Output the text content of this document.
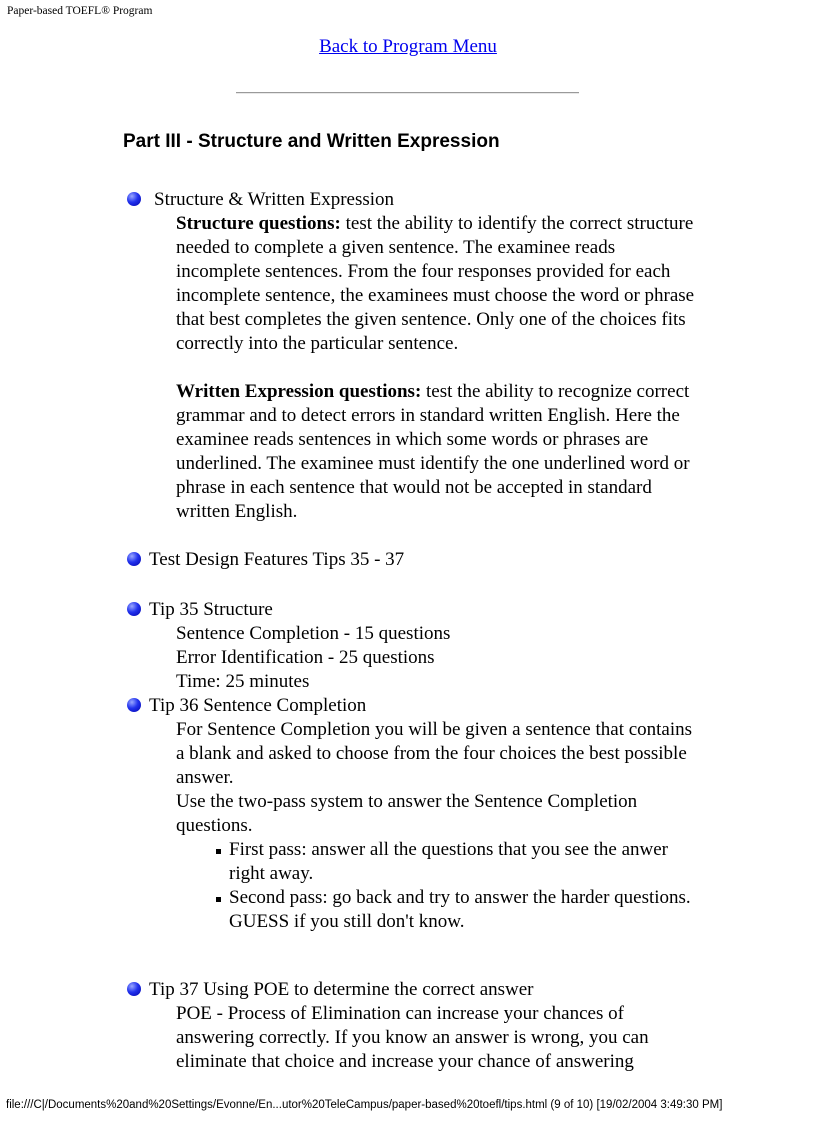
Paper-based TOEFL® Program
Back to Program Menu
Part III - Structure and Written Expression
Structure & Written Expression

Structure questions: test the ability to identify the correct structure needed to complete a given sentence. The examinee reads incomplete sentences. From the four responses provided for each incomplete sentence, the examinees must choose the word or phrase that best completes the given sentence. Only one of the choices fits correctly into the particular sentence.

Written Expression questions: test the ability to recognize correct grammar and to detect errors in standard written English. Here the examinee reads sentences in which some words or phrases are underlined. The examinee must identify the one underlined word or phrase in each sentence that would not be accepted in standard written English.

Test Design Features Tips 35 - 37
Tip 35 Structure
Sentence Completion - 15 questions
Error Identification - 25 questions
Time: 25 minutes
Tip 36 Sentence Completion
For Sentence Completion you will be given a sentence that contains a blank and asked to choose from the four choices the best possible answer.
Use the two-pass system to answer the Sentence Completion questions.
First pass: answer all the questions that you see the anwer right away.
Second pass: go back and try to answer the harder questions. GUESS if you still don't know.
Tip 37 Using POE to determine the correct answer
POE - Process of Elimination can increase your chances of answering correctly. If you know an answer is wrong, you can eliminate that choice and increase your chance of answering
file:///C|/Documents%20and%20Settings/Evonne/En...utor%20TeleCampus/paper-based%20toefl/tips.html (9 of 10) [19/02/2004 3:49:30 PM]
